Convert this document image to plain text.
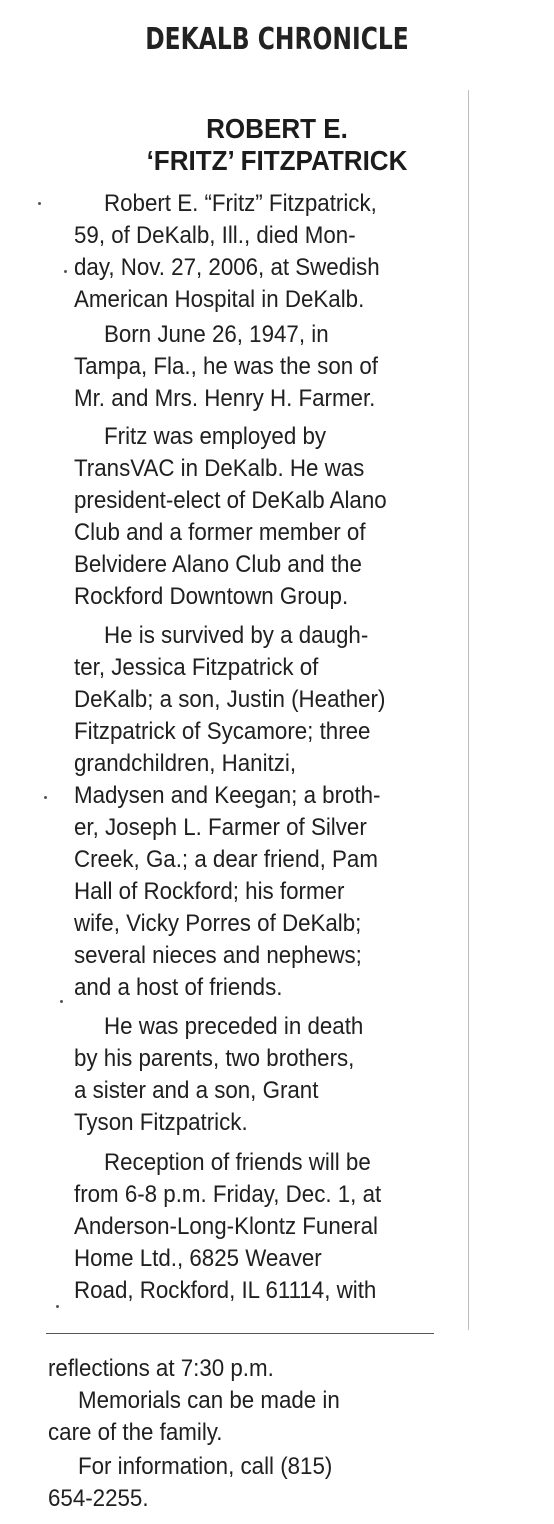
DEKALB CHRONICLE
ROBERT E.
‘FRITZ’ FITZPATRICK
Robert E. “Fritz” Fitzpatrick,
59, of DeKalb, Ill., died Mon-
day, Nov. 27, 2006, at Swedish
American Hospital in DeKalb.
Born June 26, 1947, in
Tampa, Fla., he was the son of
Mr. and Mrs. Henry H. Farmer.
Fritz was employed by
TransVAC in DeKalb. He was
president-elect of DeKalb Alano
Club and a former member of
Belvidere Alano Club and the
Rockford Downtown Group.
He is survived by a daugh-
ter, Jessica Fitzpatrick of
DeKalb; a son, Justin (Heather)
Fitzpatrick of Sycamore; three
grandchildren, Hanitzi,
Madysen and Keegan; a broth-
er, Joseph L. Farmer of Silver
Creek, Ga.; a dear friend, Pam
Hall of Rockford; his former
wife, Vicky Porres of DeKalb;
several nieces and nephews;
and a host of friends.
He was preceded in death
by his parents, two brothers,
a sister and a son, Grant
Tyson Fitzpatrick.
Reception of friends will be
from 6-8 p.m. Friday, Dec. 1, at
Anderson-Long-Klontz Funeral
Home Ltd., 6825 Weaver
Road, Rockford, IL 61114, with
reflections at 7:30 p.m.
Memorials can be made in
care of the family.
For information, call (815)
654-2255.
